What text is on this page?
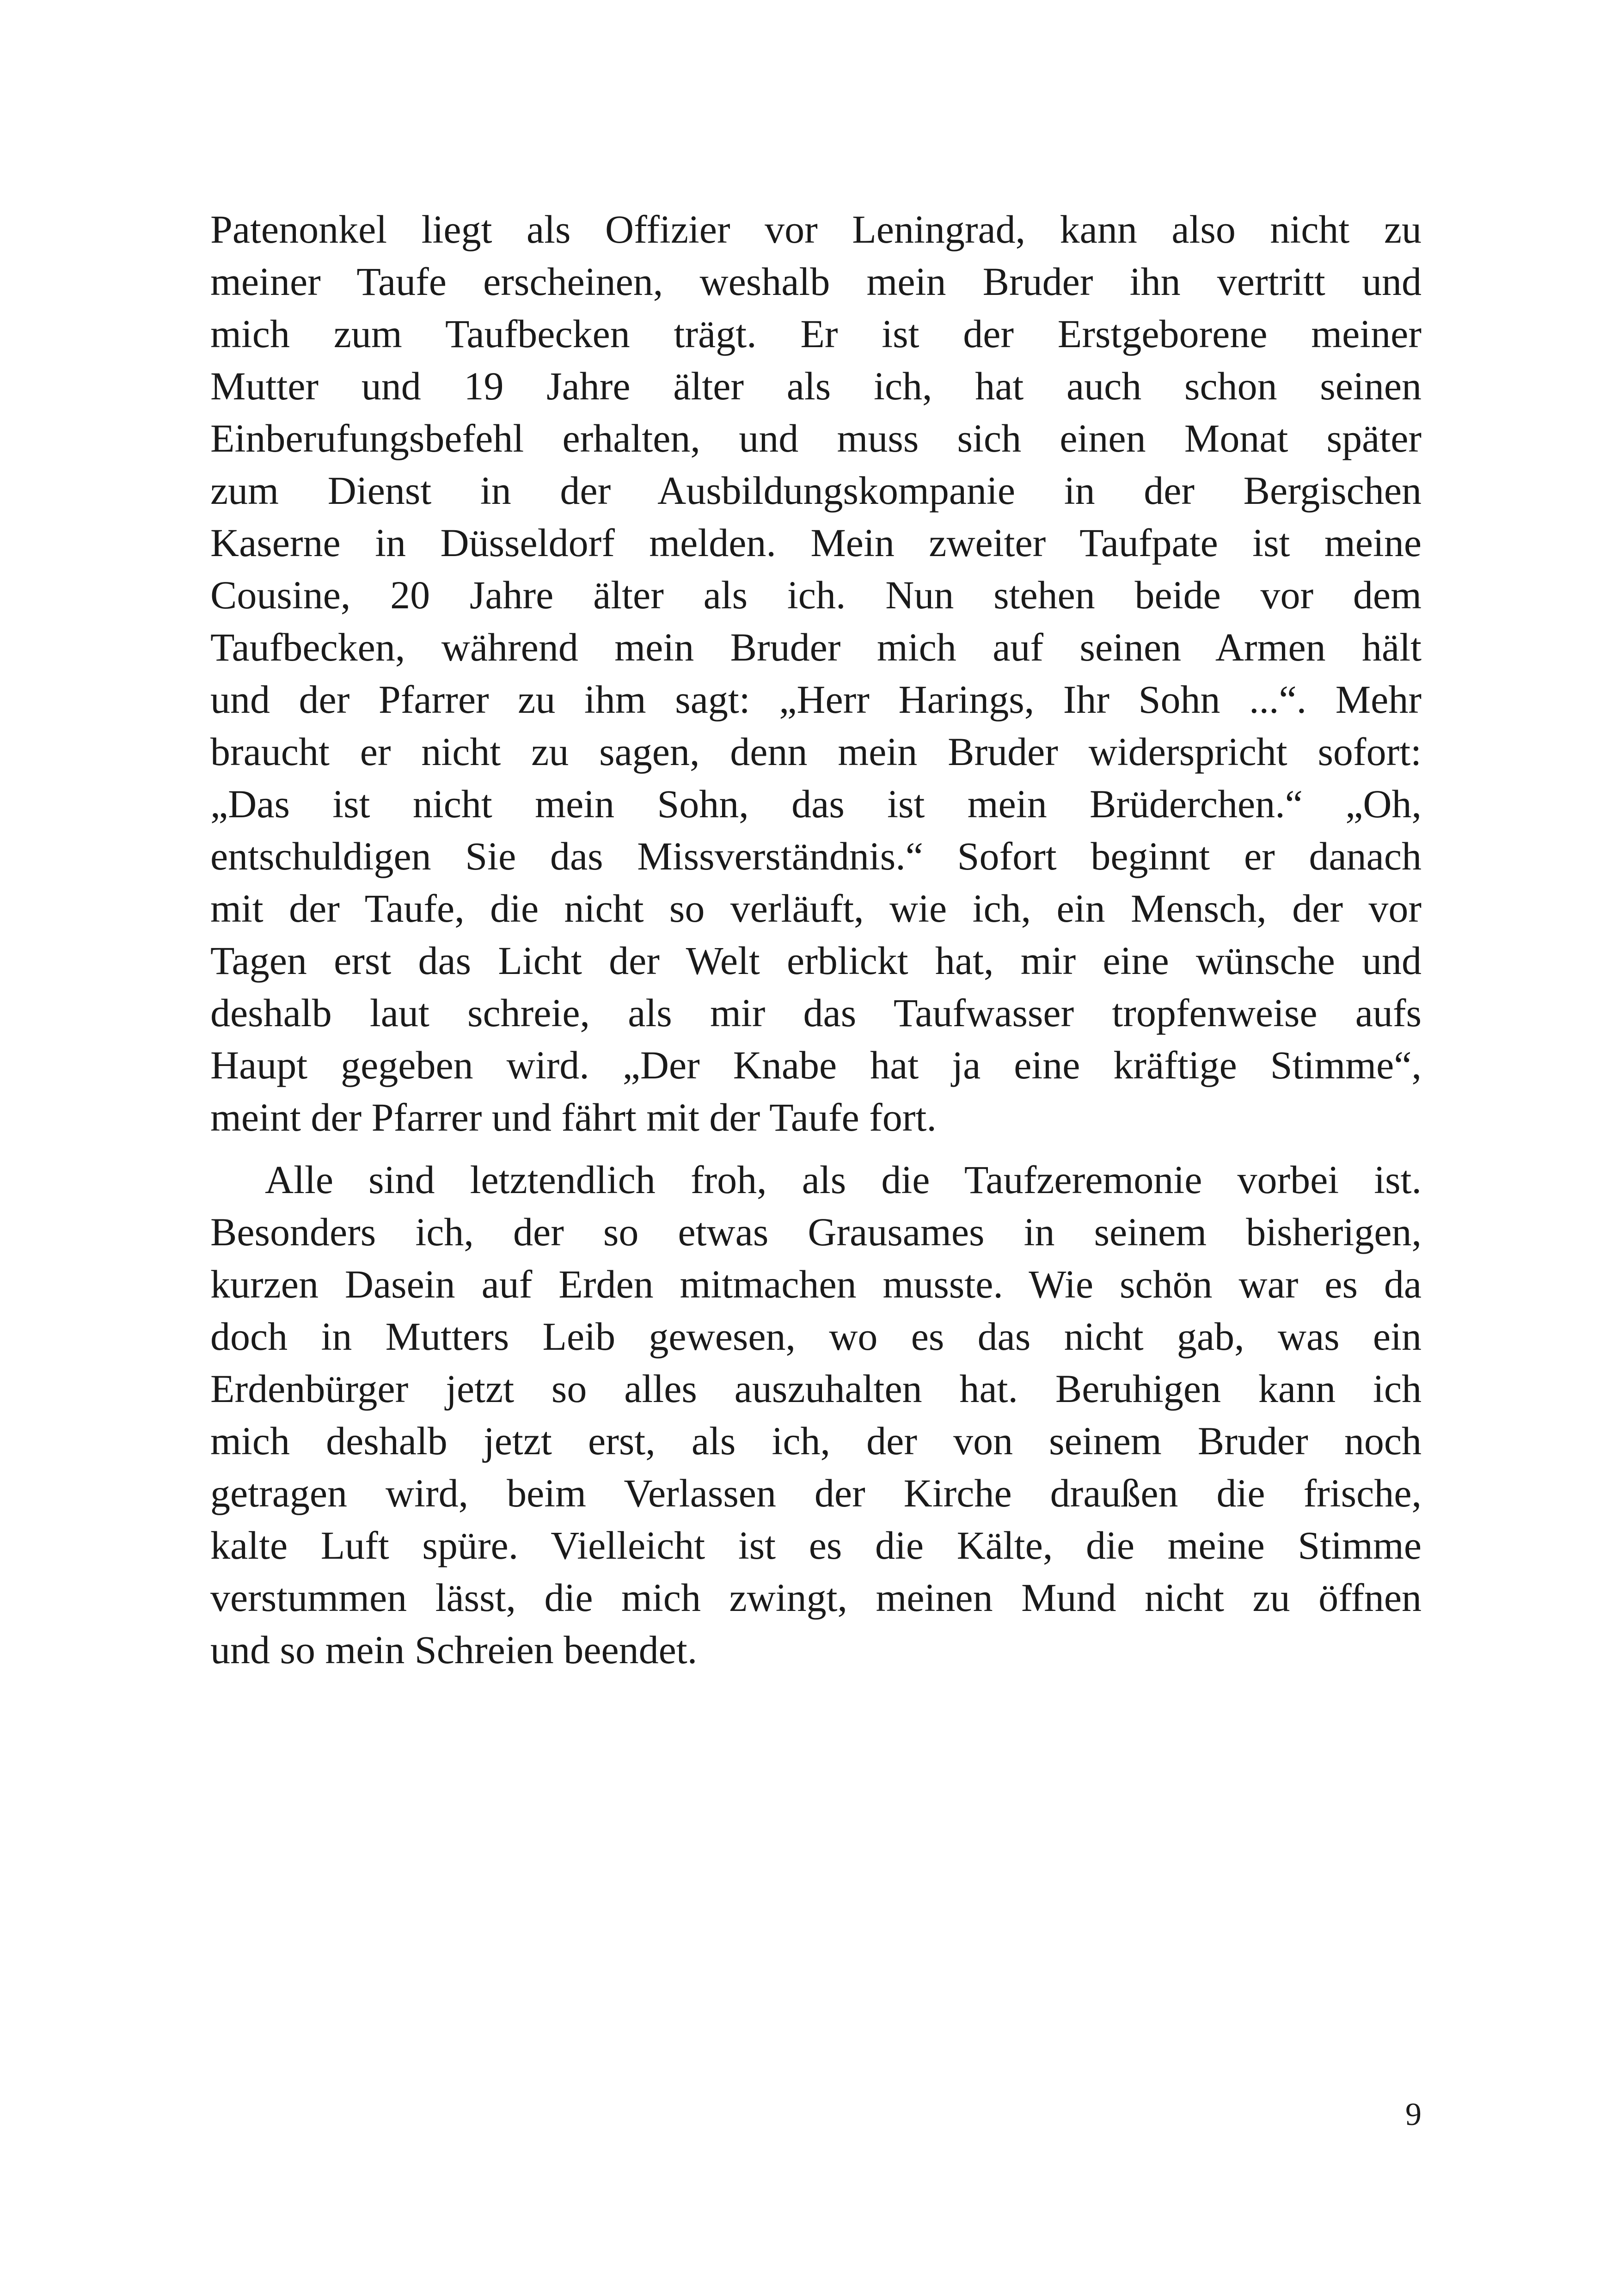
Patenonkel liegt als Offizier vor Leningrad, kann also nicht zu
meiner Taufe erscheinen, weshalb mein Bruder ihn vertritt und
mich zum Taufbecken trägt. Er ist der Erstgeborene meiner
Mutter und 19 Jahre älter als ich, hat auch schon seinen
Einberufungsbefehl erhalten, und muss sich einen Monat später
zum Dienst in der Ausbildungskompanie in der Bergischen
Kaserne in Düsseldorf melden. Mein zweiter Taufpate ist meine
Cousine, 20 Jahre älter als ich. Nun stehen beide vor dem
Taufbecken, während mein Bruder mich auf seinen Armen hält
und der Pfarrer zu ihm sagt: „Herr Harings, Ihr Sohn ...“. Mehr
braucht er nicht zu sagen, denn mein Bruder widerspricht sofort:
„Das ist nicht mein Sohn, das ist mein Brüderchen.“ „Oh,
entschuldigen Sie das Missverständnis.“ Sofort beginnt er danach
mit der Taufe, die nicht so verläuft, wie ich, ein Mensch, der vor
Tagen erst das Licht der Welt erblickt hat, mir eine wünsche und
deshalb laut schreie, als mir das Taufwasser tropfenweise aufs
Haupt gegeben wird. „Der Knabe hat ja eine kräftige Stimme“,
meint der Pfarrer und fährt mit der Taufe fort.
Alle sind letztendlich froh, als die Taufzeremonie vorbei ist.
Besonders ich, der so etwas Grausames in seinem bisherigen,
kurzen Dasein auf Erden mitmachen musste. Wie schön war es da
doch in Mutters Leib gewesen, wo es das nicht gab, was ein
Erdenbürger jetzt so alles auszuhalten hat. Beruhigen kann ich
mich deshalb jetzt erst, als ich, der von seinem Bruder noch
getragen wird, beim Verlassen der Kirche draußen die frische,
kalte Luft spüre. Vielleicht ist es die Kälte, die meine Stimme
verstummen lässt, die mich zwingt, meinen Mund nicht zu öffnen
und so mein Schreien beendet.
9
